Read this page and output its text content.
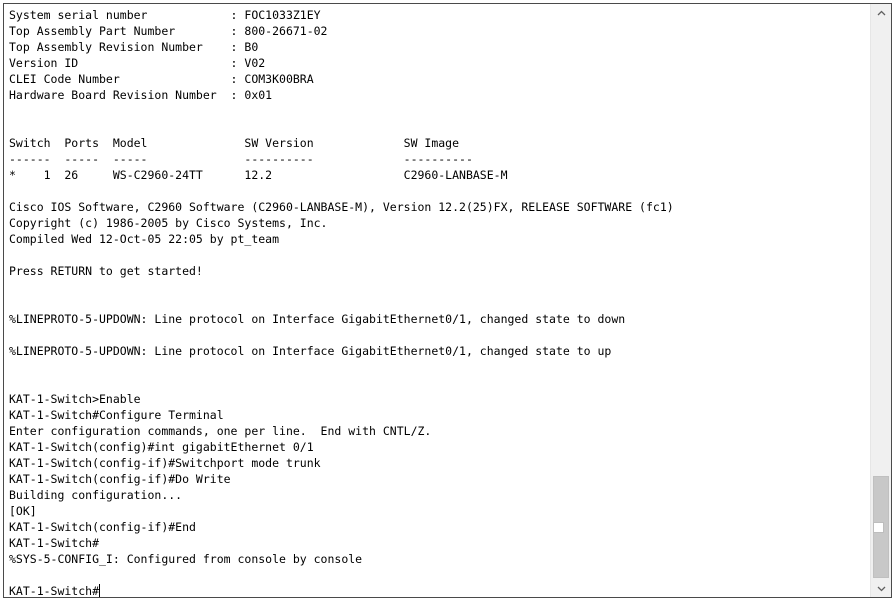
System serial number            : FOC1033Z1EY
Top Assembly Part Number        : 800-26671-02
Top Assembly Revision Number    : B0
Version ID                      : V02
CLEI Code Number                : COM3K00BRA
Hardware Board Revision Number  : 0x01
Switch  Ports  Model              SW Version             SW Image
------  -----  -----              ----------             ----------
*    1  26     WS-C2960-24TT      12.2                   C2960-LANBASE-M
Cisco IOS Software, C2960 Software (C2960-LANBASE-M), Version 12.2(25)FX, RELEASE SOFTWARE (fc1)
Copyright (c) 1986-2005 by Cisco Systems, Inc.
Compiled Wed 12-Oct-05 22:05 by pt_team
Press RETURN to get started!
%LINEPROTO-5-UPDOWN: Line protocol on Interface GigabitEthernet0/1, changed state to down
%LINEPROTO-5-UPDOWN: Line protocol on Interface GigabitEthernet0/1, changed state to up
KAT-1-Switch>Enable
KAT-1-Switch#Configure Terminal
Enter configuration commands, one per line.  End with CNTL/Z.
KAT-1-Switch(config)#int gigabitEthernet 0/1
KAT-1-Switch(config-if)#Switchport mode trunk
KAT-1-Switch(config-if)#Do Write
Building configuration...
[OK]
KAT-1-Switch(config-if)#End
KAT-1-Switch#
%SYS-5-CONFIG_I: Configured from console by console
KAT-1-Switch#
